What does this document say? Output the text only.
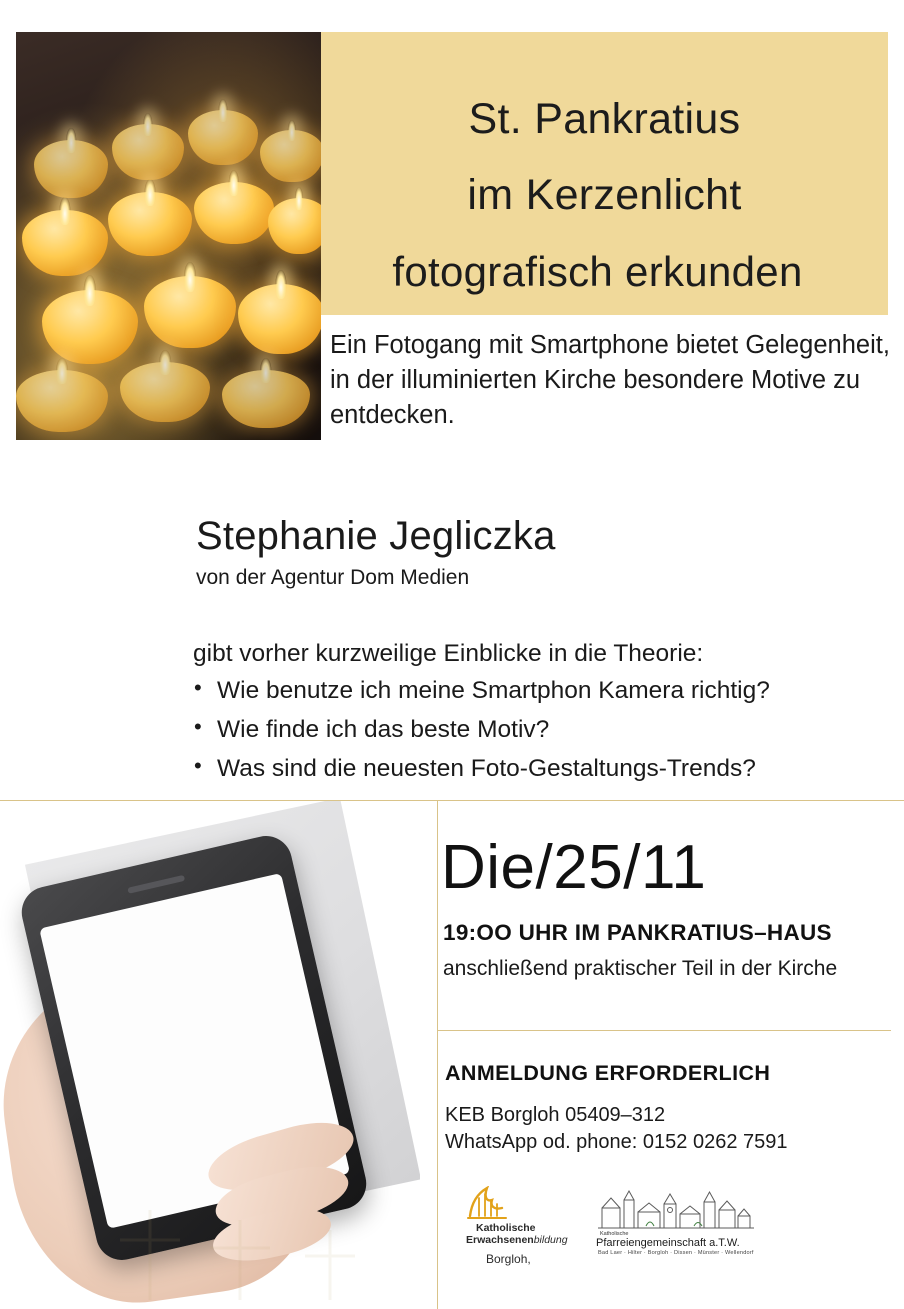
St. Pankratius
im Kerzenlicht
fotografisch erkunden
Ein Fotogang mit Smartphone bietet Gelegenheit, in der illuminierten Kirche besondere Motive zu entdecken.
Stephanie Jegliczka
von der Agentur Dom Medien
gibt vorher kurzweilige Einblicke in die Theorie:
• Wie benutze ich meine Smartphon Kamera richtig?
• Wie finde ich das beste Motiv?
• Was sind die neuesten Foto-Gestaltungs-Trends?
Die/25/11
19:OO UHR IM PANKRATIUS–HAUS
anschließend praktischer Teil in der Kirche
ANMELDUNG ERFORDERLICH
KEB Borgloh 05409–312
WhatsApp od. phone: 0152 0262 7591
Katholische
Erwachsenenbildung
Borgloh,
Katholische
Pfarreiengemeinschaft a.T.W.
Bad Laer · Hilter · Borgloh · Dissen · Münster · Wellendorf
